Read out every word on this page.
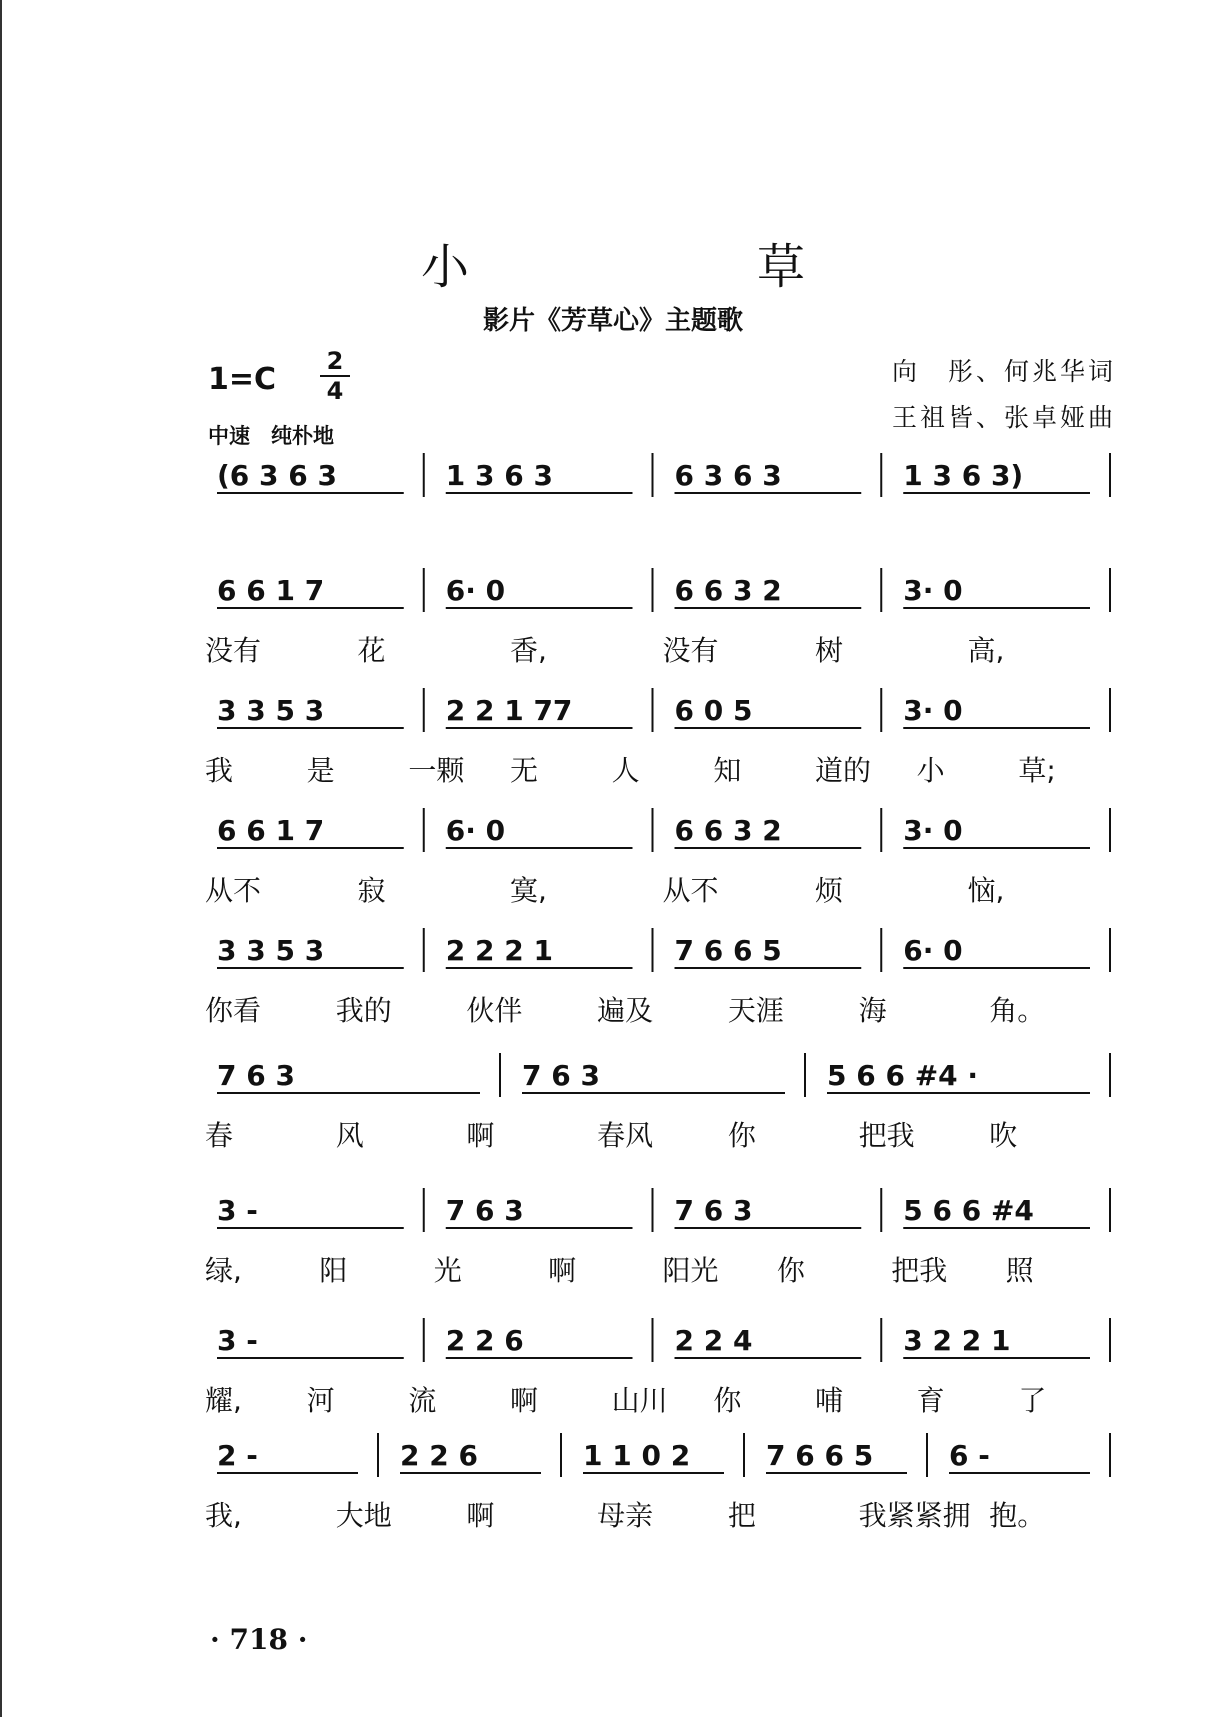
小　草
影片《芳草心》主题歌
1=C
2
4
向　彤、何兆华词
王祖皆、张卓娅曲
中速　纯朴地
(6 3 6 3	1 3 6 3	6 3 6 3	1 3 6 3)
6 6 1 7	6· 0	6 6 3 2	3· 0
没有	花	香,	没有	树	高,
3 3 5 3	2 2 1 77	6 0 5	3· 0
我	是	一颗 无	人	知	道的 小	草;
6 6 1 7	6· 0	6 6 3 2	3· 0
从不	寂	寞,	从不	烦	恼,
3 3 5 3	2 2 2 1	7 6 6 5	6· 0
你看	我的	伙伴	遍及	天涯	海	角。
7 6 3	7 6 3	5 6 6 #4 ·
春	风	啊	春风	你	把我	吹
3 -	7 6 3	7 6 3	5 6 6 #4
绿,	阳	光	啊	阳光 你	把我 照
3 -	2 2 6	2 2 4	3 2 2 1
耀, 河	流	啊	山川 你	哺	育	了
2 -	2 2 6	1 1 0 2	7 6 6 5	6 -
我,	大地	啊	母亲	把	我紧紧拥 抱。
· 718 ·
